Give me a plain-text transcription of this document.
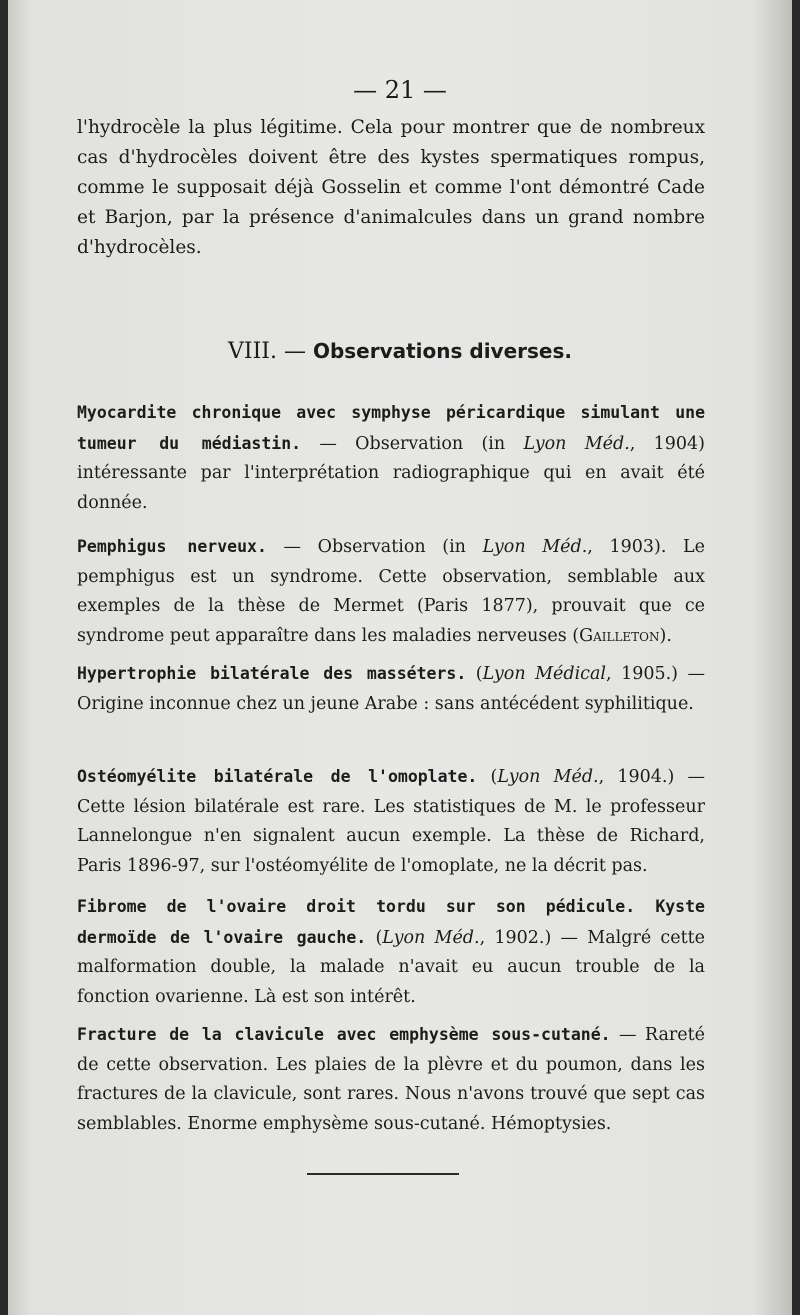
— 21 —
l'hydrocèle la plus légitime. Cela pour montrer que de nombreux cas d'hydrocèles doivent être des kystes spermatiques rompus, comme le supposait déjà Gosselin et comme l'ont démontré Cade et Barjon, par la présence d'animalcules dans un grand nombre d'hydrocèles.
VIII. — Observations diverses.
Myocardite chronique avec symphyse péricardique simulant une tumeur du médiastin. — Observation (in Lyon Méd., 1904) intéressante par l'interprétation radiographique qui en avait été donnée.
Pemphigus nerveux. — Observation (in Lyon Méd., 1903). Le pemphigus est un syndrome. Cette observation, semblable aux exemples de la thèse de Mermet (Paris 1877), prouvait que ce syndrome peut apparaître dans les maladies nerveuses (Gailleton).
Hypertrophie bilatérale des masséters. (Lyon Médical, 1905.) — Origine inconnue chez un jeune Arabe : sans antécédent syphilitique.
Ostéomyélite bilatérale de l'omoplate. (Lyon Méd., 1904.) — Cette lésion bilatérale est rare. Les statistiques de M. le professeur Lannelongue n'en signalent aucun exemple. La thèse de Richard, Paris 1896-97, sur l'ostéomyélite de l'omoplate, ne la décrit pas.
Fibrome de l'ovaire droit tordu sur son pédicule. Kyste dermoïde de l'ovaire gauche. (Lyon Méd., 1902.) — Malgré cette malformation double, la malade n'avait eu aucun trouble de la fonction ovarienne. Là est son intérêt.
Fracture de la clavicule avec emphysème sous-cutané. — Rareté de cette observation. Les plaies de la plèvre et du poumon, dans les fractures de la clavicule, sont rares. Nous n'avons trouvé que sept cas semblables. Enorme emphysème sous-cutané. Hémoptysies.
